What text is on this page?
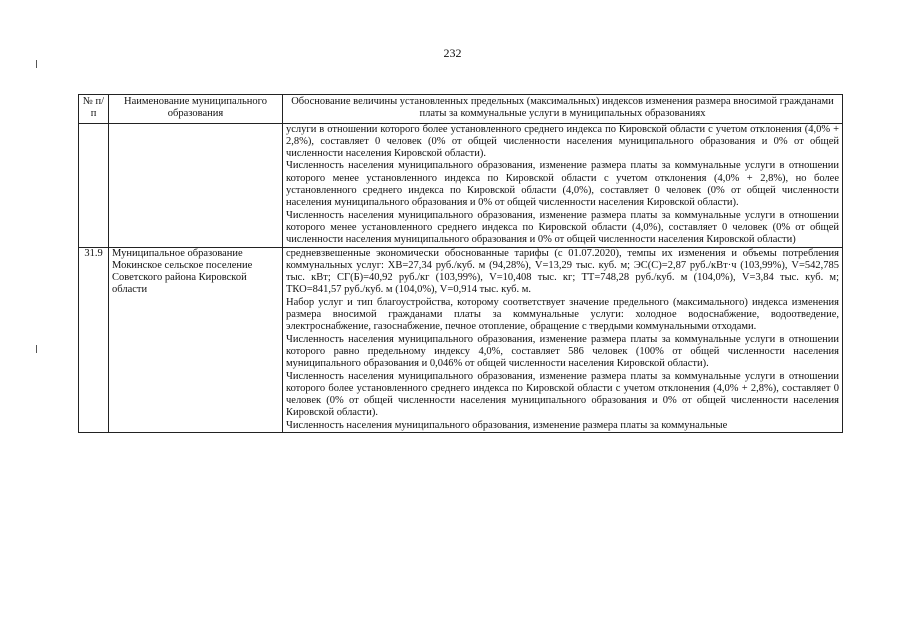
232
№ п/п	Наименование муниципального образования	Обоснование величины установленных предельных (максимальных) индексов изменения размера вносимой гражданами платы за коммунальные услуги в муниципальных образованиях

		услуги в отношении которого более установленного среднего индекса по Кировской области с учетом отклонения (4,0% + 2,8%), составляет 0 человек (0% от общей численности населения муниципального образования и 0% от общей численности населения Кировской области).

Численность населения муниципального образования, изменение размера платы за коммунальные услуги в отношении которого менее установленного индекса по Кировской области с учетом отклонения (4,0% + 2,8%), но более установленного среднего индекса по Кировской области (4,0%), составляет 0 человек (0% от общей численности населения муниципального образования и 0% от общей численности населения Кировской области).

Численность населения муниципального образования, изменение размера платы за коммунальные услуги в отношении которого менее установленного среднего индекса по Кировской области (4,0%), составляет 0 человек (0% от общей численности населения муниципального образования и 0% от общей численности населения Кировской области)

31.9	Муниципальное образование Мокинское сельское поселение Советского района Кировской области	средневзвешенные экономически обоснованные тарифы (с 01.07.2020), темпы их изменения и объемы потребления коммунальных услуг: ХВ=27,34 руб./куб. м (94,28%), V=13,29 тыс. куб. м; ЭС(С)=2,87 руб./кВт·ч (103,99%), V=542,785 тыс. кВт; СГ(Б)=40,92 руб./кг (103,99%), V=10,408 тыс. кг; ТТ=748,28 руб./куб. м (104,0%), V=3,84 тыс. куб. м; ТКО=841,57 руб./куб. м (104,0%), V=0,914 тыс. куб. м.

Набор услуг и тип благоустройства, которому соответствует значение предельного (максимального) индекса изменения размера вносимой гражданами платы за коммунальные услуги: холодное водоснабжение, водоотведение, электроснабжение, газоснабжение, печное отопление, обращение с твердыми коммунальными отходами.

Численность населения муниципального образования, изменение размера платы за коммунальные услуги в отношении которого равно предельному индексу 4,0%, составляет 586 человек (100% от общей численности населения муниципального образования и 0,046% от общей численности населения Кировской области).

Численность населения муниципального образования, изменение размера платы за коммунальные услуги в отношении которого более установленного среднего индекса по Кировской области с учетом отклонения (4,0% + 2,8%), составляет 0 человек (0% от общей численности населения муниципального образования и 0% от общей численности населения Кировской области).

Численность населения муниципального образования, изменение размера платы за коммунальные
